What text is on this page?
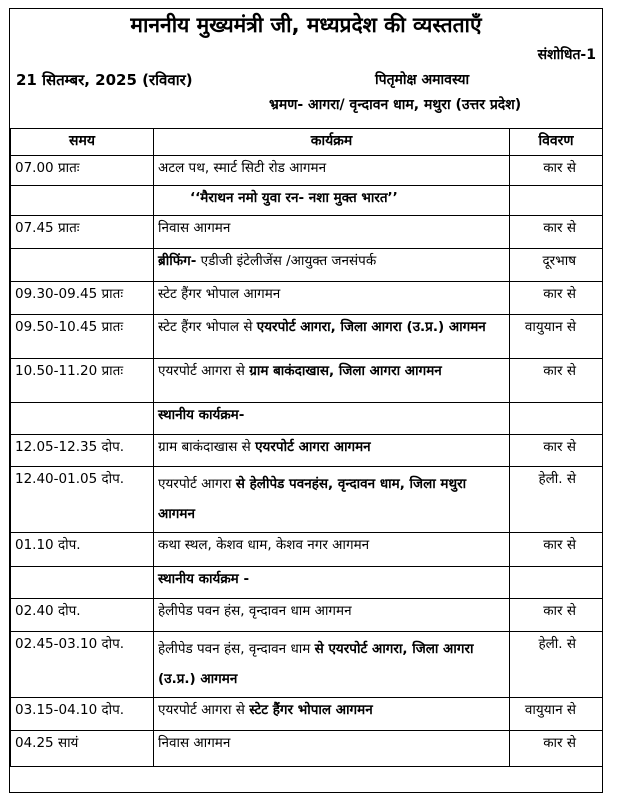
माननीय मुख्यमंत्री जी, मध्यप्रदेश की व्यस्तताएँ
संशोधित-1
21 सितम्बर, 2025 (रविवार)	पितृमोक्ष अमावस्या
भ्रमण- आगरा/ वृन्दावन धाम, मथुरा (उत्तर प्रदेश)
समय	कार्यक्रम	विवरण
07.00 प्रातः	अटल पथ, स्मार्ट सिटी रोड आगमन	कार से
	‘‘मैराथन नमो युवा रन- नशा मुक्त भारत’’	
07.45 प्रातः	निवास आगमन	कार से
	ब्रीफिंग- एडीजी इंटेलीजेंस /आयुक्त जनसंपर्क	दूरभाष
09.30-09.45 प्रातः	स्टेट हैंगर भोपाल आगमन	कार से
09.50-10.45 प्रातः	स्टेट हैंगर भोपाल से एयरपोर्ट आगरा, जिला आगरा (उ.प्र.) आगमन	वायुयान से
10.50-11.20 प्रातः	एयरपोर्ट आगरा से ग्राम बाकंदाखास, जिला आगरा आगमन	कार से
	स्थानीय कार्यक्रम-	
12.05-12.35 दोप.	ग्राम बाकंदाखास से एयरपोर्ट आगरा आगमन	कार से
12.40-01.05 दोप.	एयरपोर्ट आगरा से हेलीपेड पवनहंस, वृन्दावन धाम, जिला मथुरा आगमन	हेली. से
01.10 दोप.	कथा स्थल, केशव धाम, केशव नगर आगमन	कार से
	स्थानीय कार्यक्रम -	
02.40 दोप.	हेलीपेड पवन हंस, वृन्दावन धाम आगमन	कार से
02.45-03.10 दोप.	हेलीपेड पवन हंस, वृन्दावन धाम से एयरपोर्ट आगरा, जिला आगरा (उ.प्र.) आगमन	हेली. से
03.15-04.10 दोप.	एयरपोर्ट आगरा से स्टेट हैंगर भोपाल आगमन	वायुयान से
04.25 सायं	निवास आगमन	कार से
